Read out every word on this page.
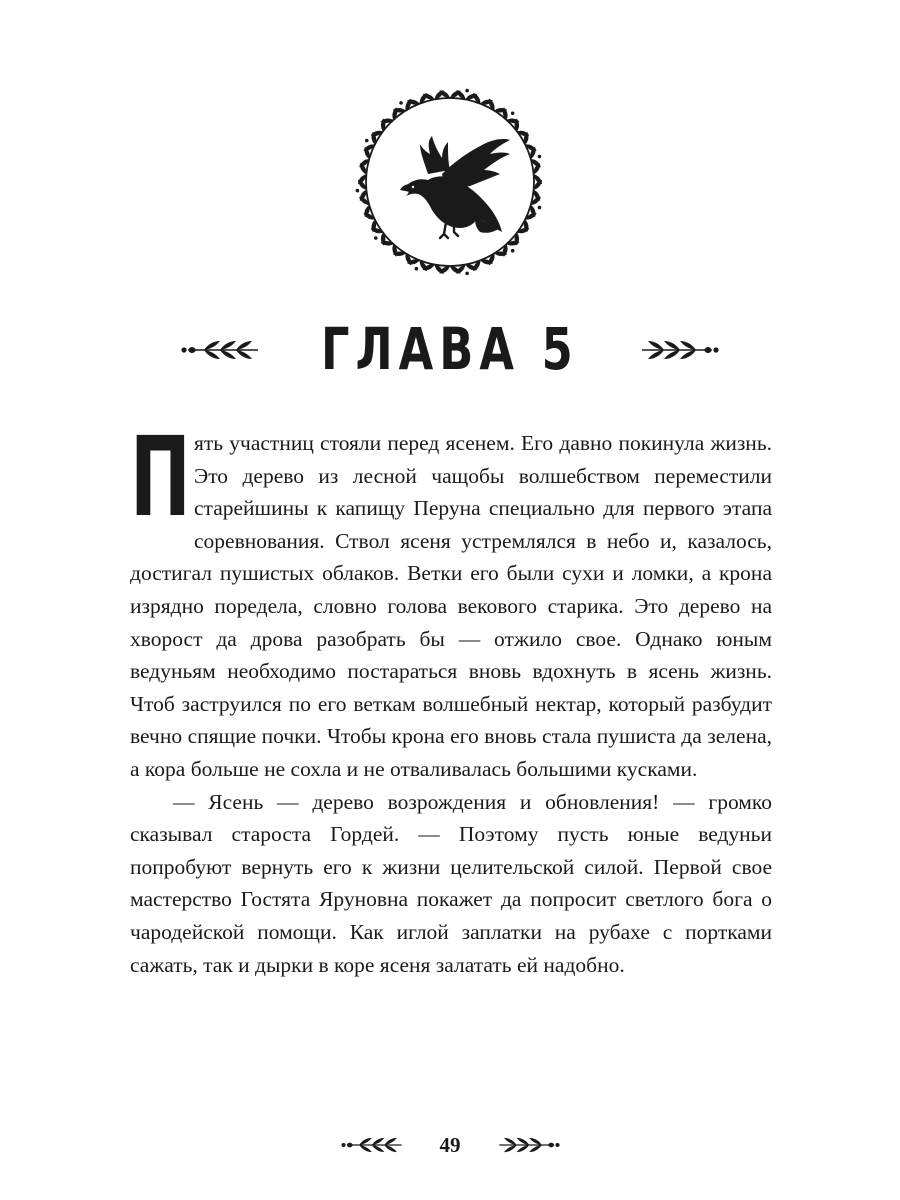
ГЛАВА 5

Пять участниц стояли перед ясенем. Его давно покинула жизнь. Это дерево из лесной чащобы волшебством переместили старейшины к капищу Перуна специально для первого этапа соревнования. Ствол ясеня устремлялся в небо и, казалось, достигал пушистых облаков. Ветки его были сухи и ломки, а крона изрядно поредела, словно голова векового старика. Это дерево на хворост да дрова разобрать бы — отжило свое. Однако юным ведуньям необходимо постараться вновь вдохнуть в ясень жизнь. Чтоб заструился по его веткам волшебный нектар, который разбудит вечно спящие почки. Чтобы крона его вновь стала пушиста да зелена, а кора больше не сохла и не отваливалась большими кусками.

— Ясень — дерево возрождения и обновления! — громко сказывал староста Гордей. — Поэтому пусть юные ведуньи попробуют вернуть его к жизни целительской силой. Первой свое мастерство Гостята Яруновна покажет да попросит светлого бога о чародейской помощи. Как иглой заплатки на рубахе с портками сажать, так и дырки в коре ясеня залатать ей надобно.

49
